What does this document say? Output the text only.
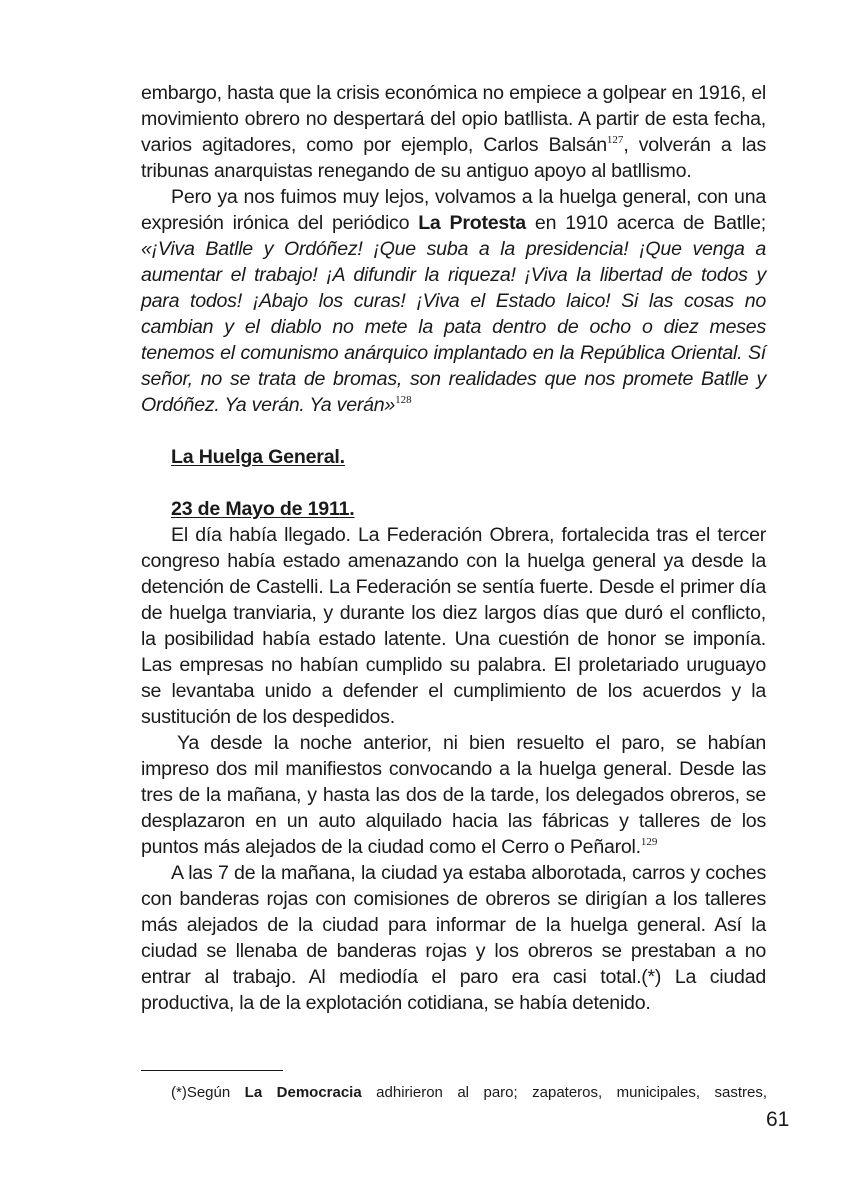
embargo, hasta que la crisis económica no empiece a golpear en 1916, el movimiento obrero no despertará del opio batllista. A partir de esta fecha, varios agitadores, como por ejemplo, Carlos Balsán$^{127}$, volverán a las tribunas anarquistas renegando de su antiguo apoyo al batllismo.

Pero ya nos fuimos muy lejos, volvamos a la huelga general, con una expresión irónica del periódico La Protesta en 1910 acerca de Batlle; «¡Viva Batlle y Ordóñez! ¡Que suba a la presidencia! ¡Que venga a aumentar el trabajo! ¡A difundir la riqueza! ¡Viva la libertad de todos y para todos! ¡Abajo los curas! ¡Viva el Estado laico! Si las cosas no cambian y el diablo no mete la pata dentro de ocho o diez meses tenemos el comunismo anárquico implantado en la República Oriental. Sí señor, no se trata de bromas, son realidades que nos promete Batlle y Ordóñez. Ya verán. Ya verán»$^{128}$

La Huelga General.

23 de Mayo de 1911.

El día había llegado. La Federación Obrera, fortalecida tras el tercer congreso había estado amenazando con la huelga general ya desde la detención de Castelli. La Federación se sentía fuerte. Desde el primer día de huelga tranviaria, y durante los diez largos días que duró el conflicto, la posibilidad había estado latente. Una cuestión de honor se imponía. Las empresas no habían cumplido su palabra. El proletariado uruguayo se levantaba unido a defender el cumplimiento de los acuerdos y la sustitución de los despedidos.

Ya desde la noche anterior, ni bien resuelto el paro, se habían impreso dos mil manifiestos convocando a la huelga general. Desde las tres de la mañana, y hasta las dos de la tarde, los delegados obreros, se desplazaron en un auto alquilado hacia las fábricas y talleres de los puntos más alejados de la ciudad como el Cerro o Peñarol.$^{129}$

A las 7 de la mañana, la ciudad ya estaba alborotada, carros y coches con banderas rojas con comisiones de obreros se dirigían a los talleres más alejados de la ciudad para informar de la huelga general. Así la ciudad se llenaba de banderas rojas y los obreros se prestaban a no entrar al trabajo. Al mediodía el paro era casi total.(*) La ciudad productiva, la de la explotación cotidiana, se había detenido.

(*)Según La Democracia adhirieron al paro; zapateros, municipales, sastres,

61
